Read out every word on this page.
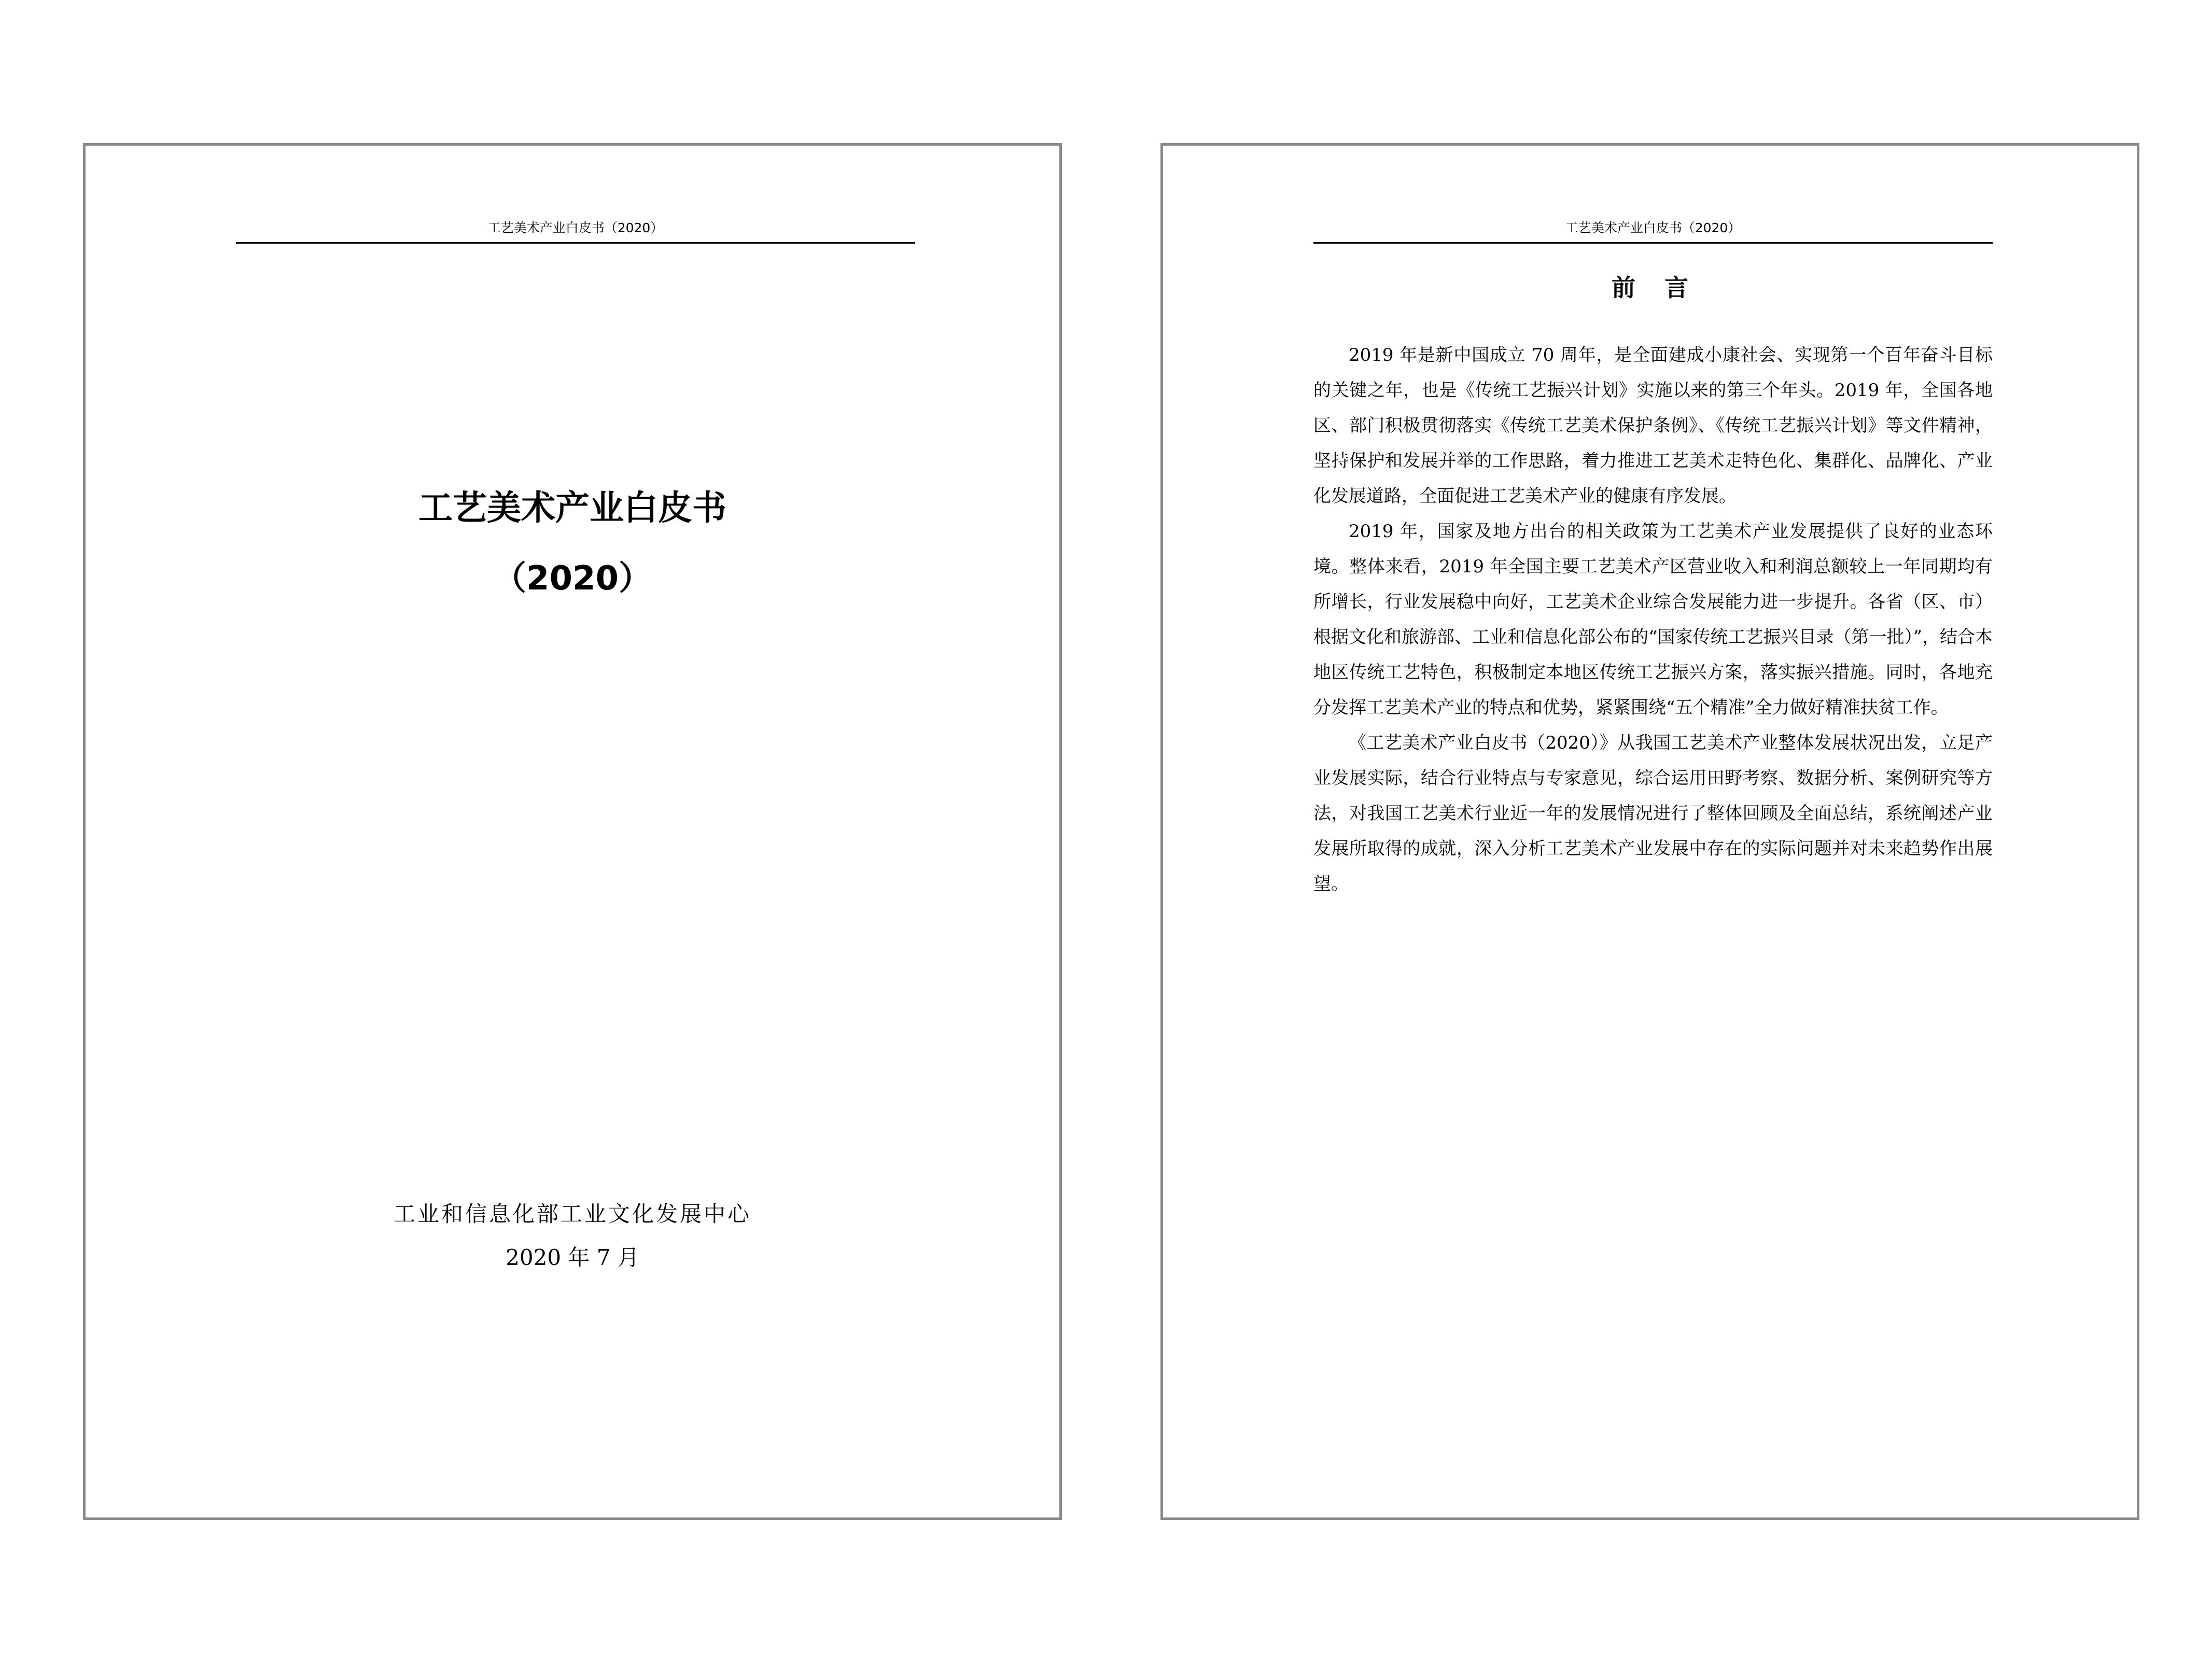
工艺美术产业白皮书（2020）
工艺美术产业白皮书
（2020）
工业和信息化部工业文化发展中心
2020 年 7 月
工艺美术产业白皮书（2020）
前言

2019 年是新中国成立 70 周年，是全面建成小康社会、实现第一个百年奋斗目标的关键之年，也是《传统工艺振兴计划》实施以来的第三个年头。2019 年，全国各地区、部门积极贯彻落实《传统工艺美术保护条例》、《传统工艺振兴计划》等文件精神，坚持保护和发展并举的工作思路，着力推进工艺美术走特色化、集群化、品牌化、产业化发展道路，全面促进工艺美术产业的健康有序发展。

2019 年，国家及地方出台的相关政策为工艺美术产业发展提供了良好的业态环境。整体来看，2019 年全国主要工艺美术产区营业收入和利润总额较上一年同期均有所增长，行业发展稳中向好，工艺美术企业综合发展能力进一步提升。各省（区、市）根据文化和旅游部、工业和信息化部公布的“国家传统工艺振兴目录（第一批）”，结合本地区传统工艺特色，积极制定本地区传统工艺振兴方案，落实振兴措施。同时，各地充分发挥工艺美术产业的特点和优势，紧紧围绕“五个精准”全力做好精准扶贫工作。

《工艺美术产业白皮书（2020）》从我国工艺美术产业整体发展状况出发，立足产业发展实际，结合行业特点与专家意见，综合运用田野考察、数据分析、案例研究等方法，对我国工艺美术行业近一年的发展情况进行了整体回顾及全面总结，系统阐述产业发展所取得的成就，深入分析工艺美术产业发展中存在的实际问题并对未来趋势作出展望。
